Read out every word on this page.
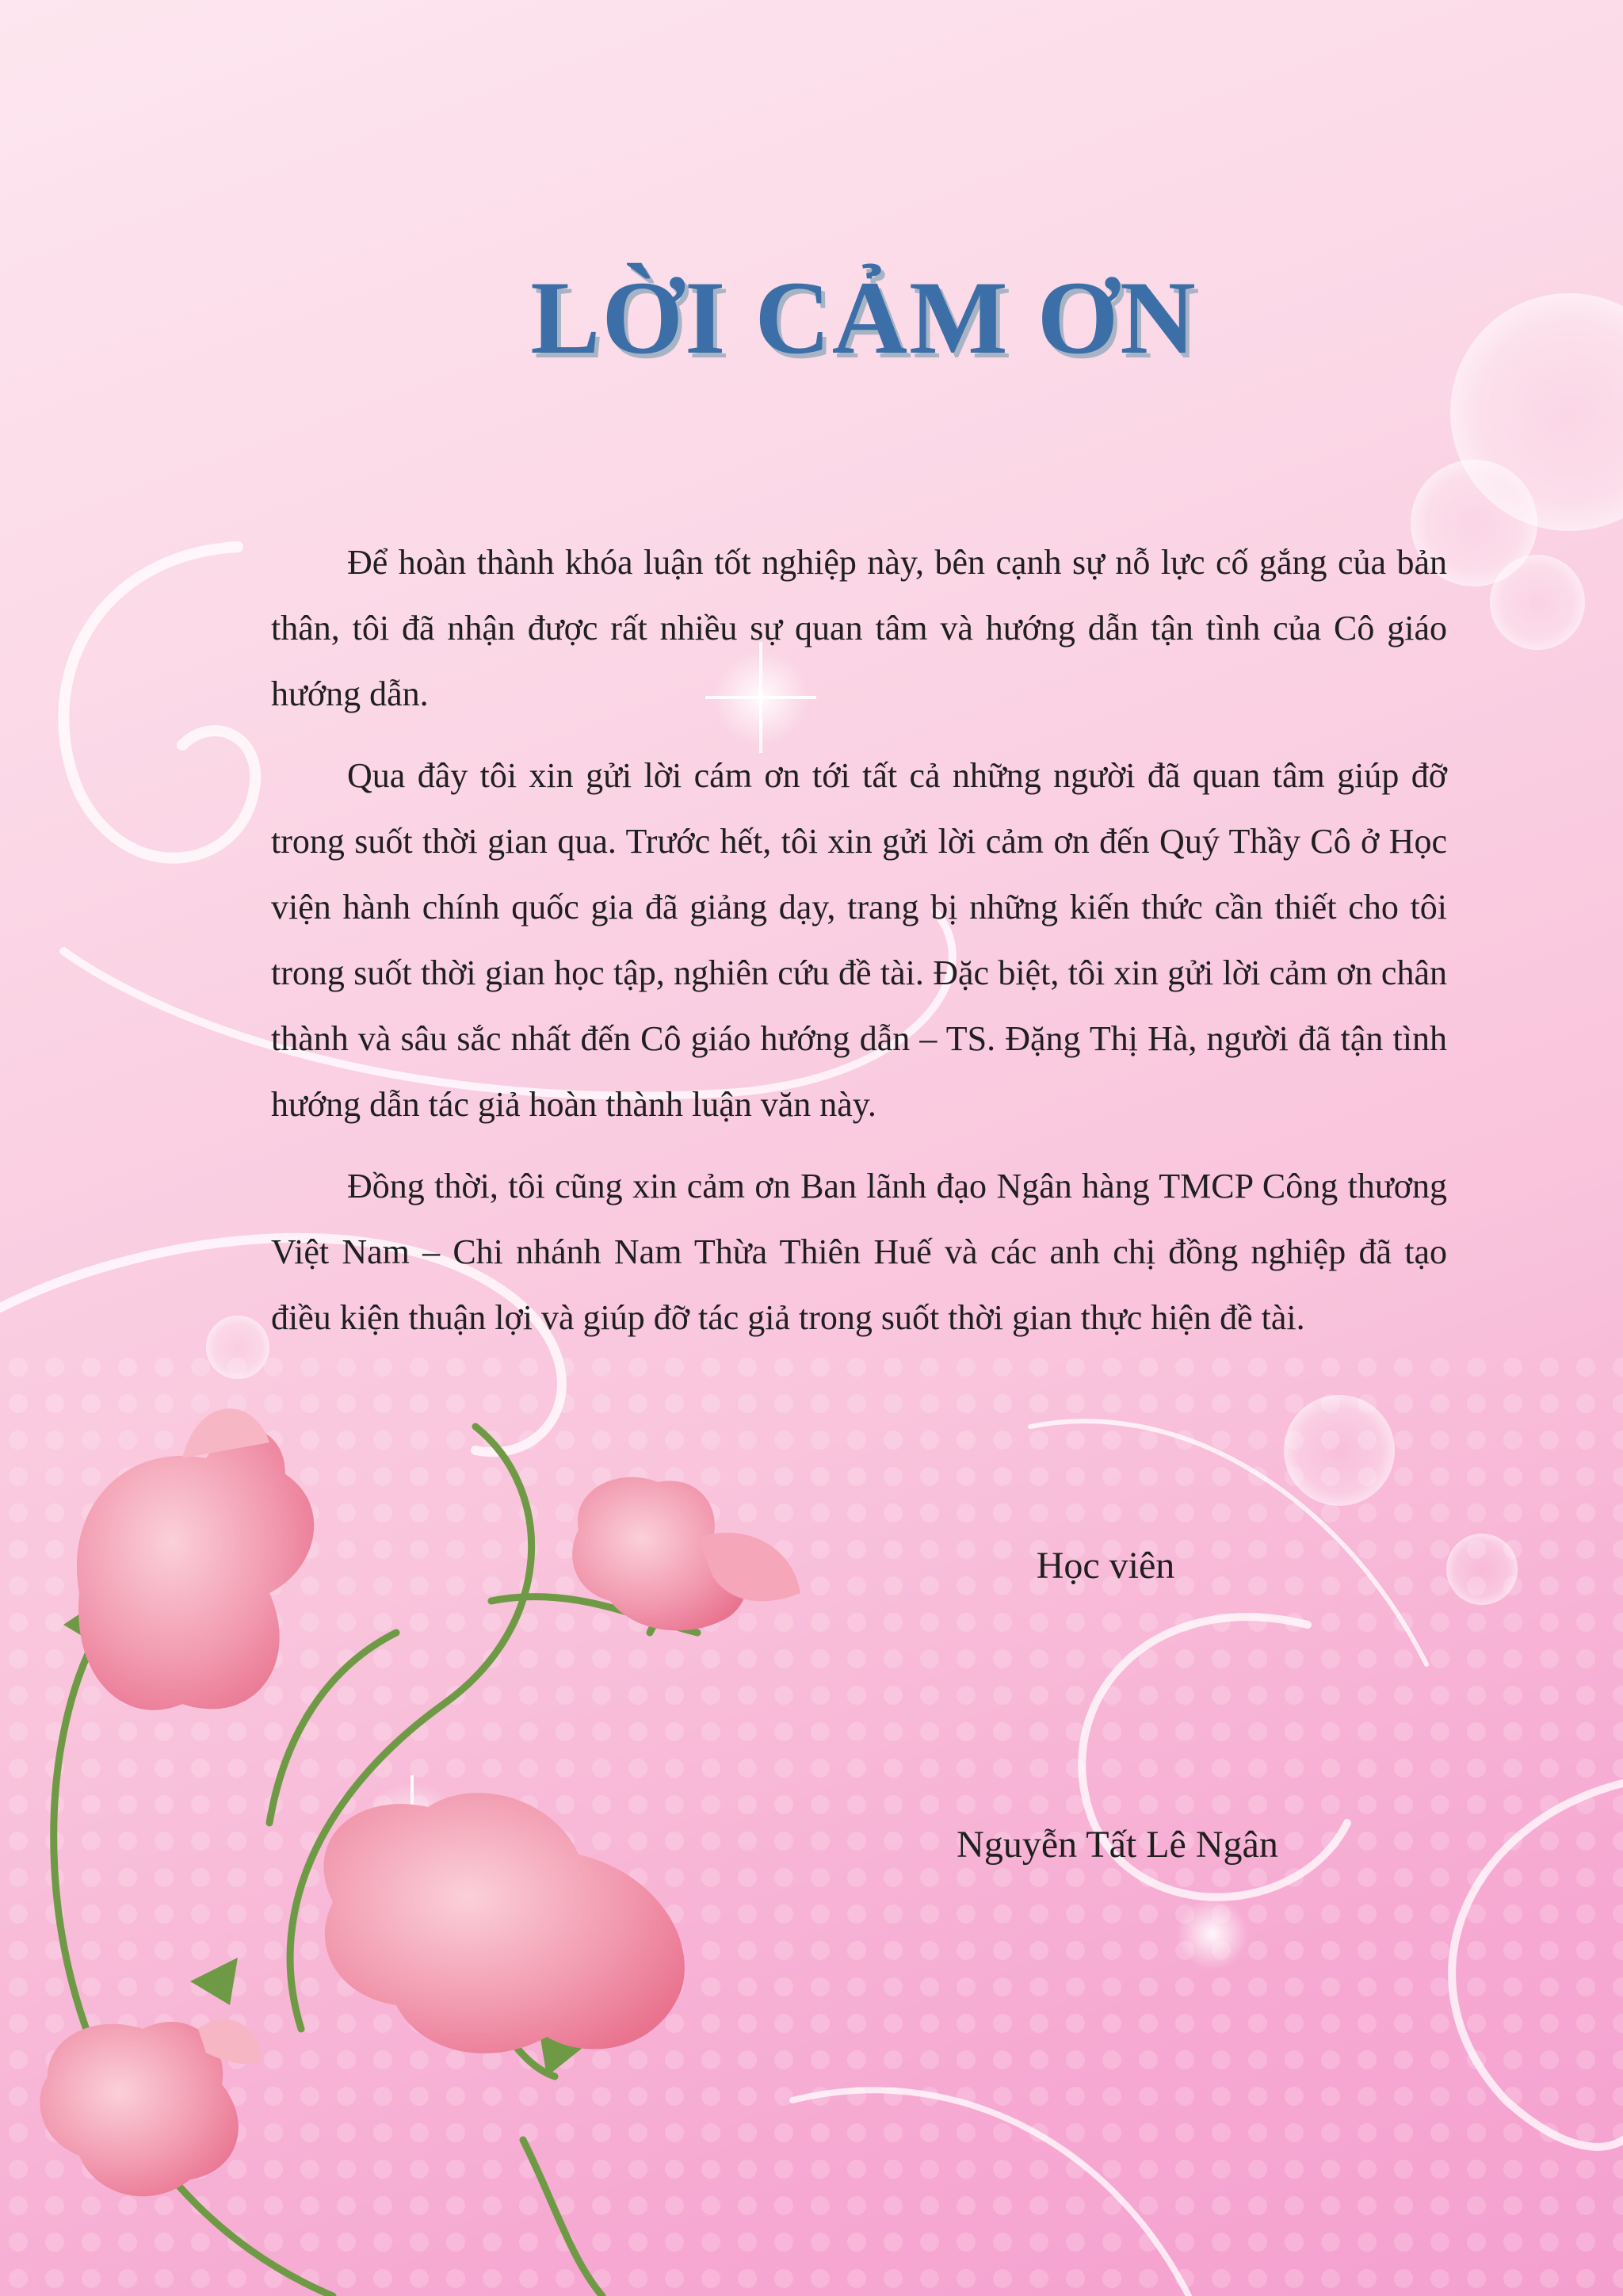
LỜI CẢM ƠN

Để hoàn thành khóa luận tốt nghiệp này, bên cạnh sự nỗ lực cố gắng của bản thân, tôi đã nhận được rất nhiều sự quan tâm và hướng dẫn tận tình của Cô giáo hướng dẫn.

Qua đây tôi xin gửi lời cám ơn tới tất cả những người đã quan tâm giúp đỡ trong suốt thời gian qua. Trước hết, tôi xin gửi lời cảm ơn đến Quý Thầy Cô ở Học viện hành chính quốc gia đã giảng dạy, trang bị những kiến thức cần thiết cho tôi trong suốt thời gian học tập, nghiên cứu đề tài. Đặc biệt, tôi xin gửi lời cảm ơn chân thành và sâu sắc nhất đến Cô giáo hướng dẫn – TS. Đặng Thị Hà, người đã tận tình hướng dẫn tác giả hoàn thành luận văn này.

Đồng thời, tôi cũng xin cảm ơn Ban lãnh đạo Ngân hàng TMCP Công thương Việt Nam – Chi nhánh Nam Thừa Thiên Huế và các anh chị đồng nghiệp đã tạo điều kiện thuận lợi và giúp đỡ tác giả trong suốt thời gian thực hiện đề tài.

Học viên
Nguyễn Tất Lê Ngân
